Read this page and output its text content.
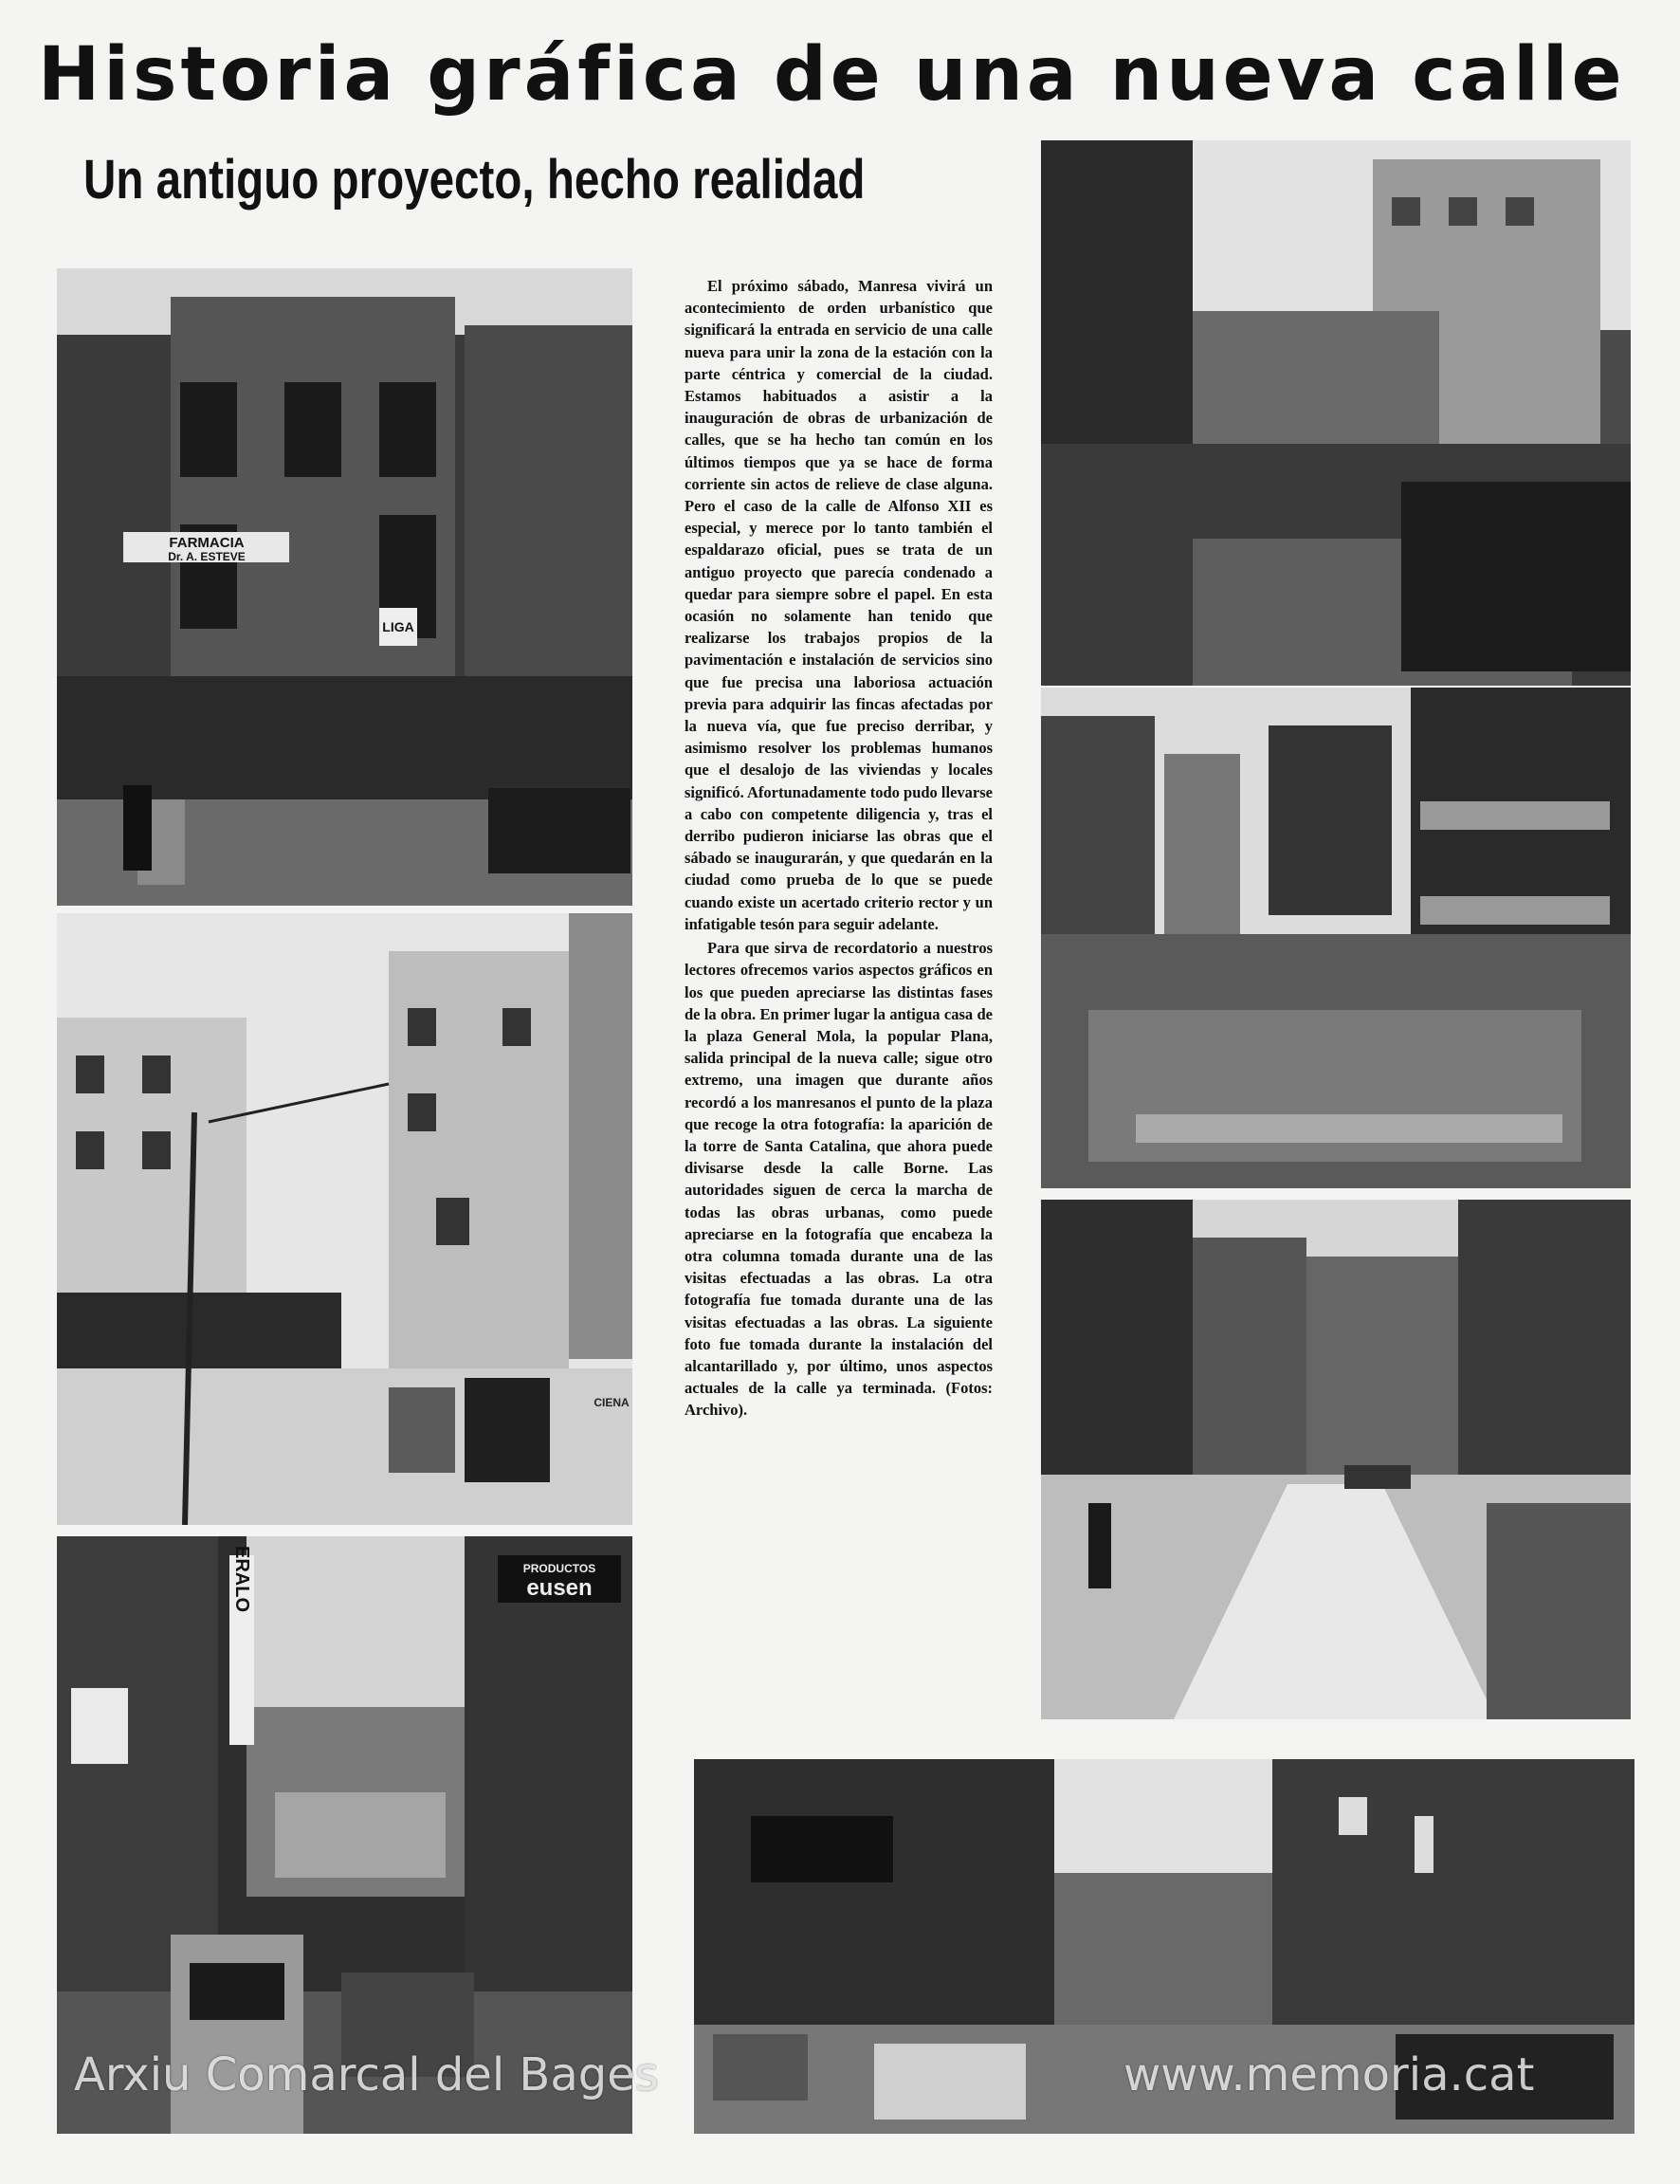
Historia gráfica de una nueva calle
Un antiguo proyecto, hecho realidad
FARMACIA
Dr. A. ESTEVE
LIGA
CIENA
PRODUCTOS
eusen
ERALO

El próximo sábado, Manresa vivirá un acontecimiento de orden urbanístico que significará la entrada en servicio de una calle nueva para unir la zona de la estación con la parte céntrica y comercial de la ciudad. Estamos habituados a asistir a la inauguración de obras de urbanización de calles, que se ha hecho tan común en los últimos tiempos que ya se hace de forma corriente sin actos de relieve de clase alguna. Pero el caso de la calle de Alfonso XII es especial, y merece por lo tanto también el espaldarazo oficial, pues se trata de un antiguo proyecto que parecía condenado a quedar para siempre sobre el papel. En esta ocasión no solamente han tenido que realizarse los trabajos propios de la pavimentación e instalación de servicios sino que fue precisa una laboriosa actuación previa para adquirir las fincas afectadas por la nueva vía, que fue preciso derribar, y asimismo resolver los problemas humanos que el desalojo de las viviendas y locales significó. Afortunadamente todo pudo llevarse a cabo con competente diligencia y, tras el derribo pudieron iniciarse las obras que el sábado se inaugurarán, y que quedarán en la ciudad como prueba de lo que se puede cuando existe un acertado criterio rector y un infatigable tesón para seguir adelante.

Para que sirva de recordatorio a nuestros lectores ofrecemos varios aspectos gráficos en los que pueden apreciarse las distintas fases de la obra. En primer lugar la antigua casa de la plaza General Mola, la popular Plana, salida principal de la nueva calle; sigue otro extremo, una imagen que durante años recordó a los manresanos el punto de la plaza que recoge la otra fotografía: la aparición de la torre de Santa Catalina, que ahora puede divisarse desde la calle Borne. Las autoridades siguen de cerca la marcha de todas las obras urbanas, como puede apreciarse en la fotografía que encabeza la otra columna tomada durante una de las visitas efectuadas a las obras. La otra fotografía fue tomada durante una de las visitas efectuadas a las obras. La siguiente foto fue tomada durante la instalación del alcantarillado y, por último, unos aspectos actuales de la calle ya terminada. (Fotos: Archivo).

Arxiu Comarcal del Bages	www.memoria.cat
